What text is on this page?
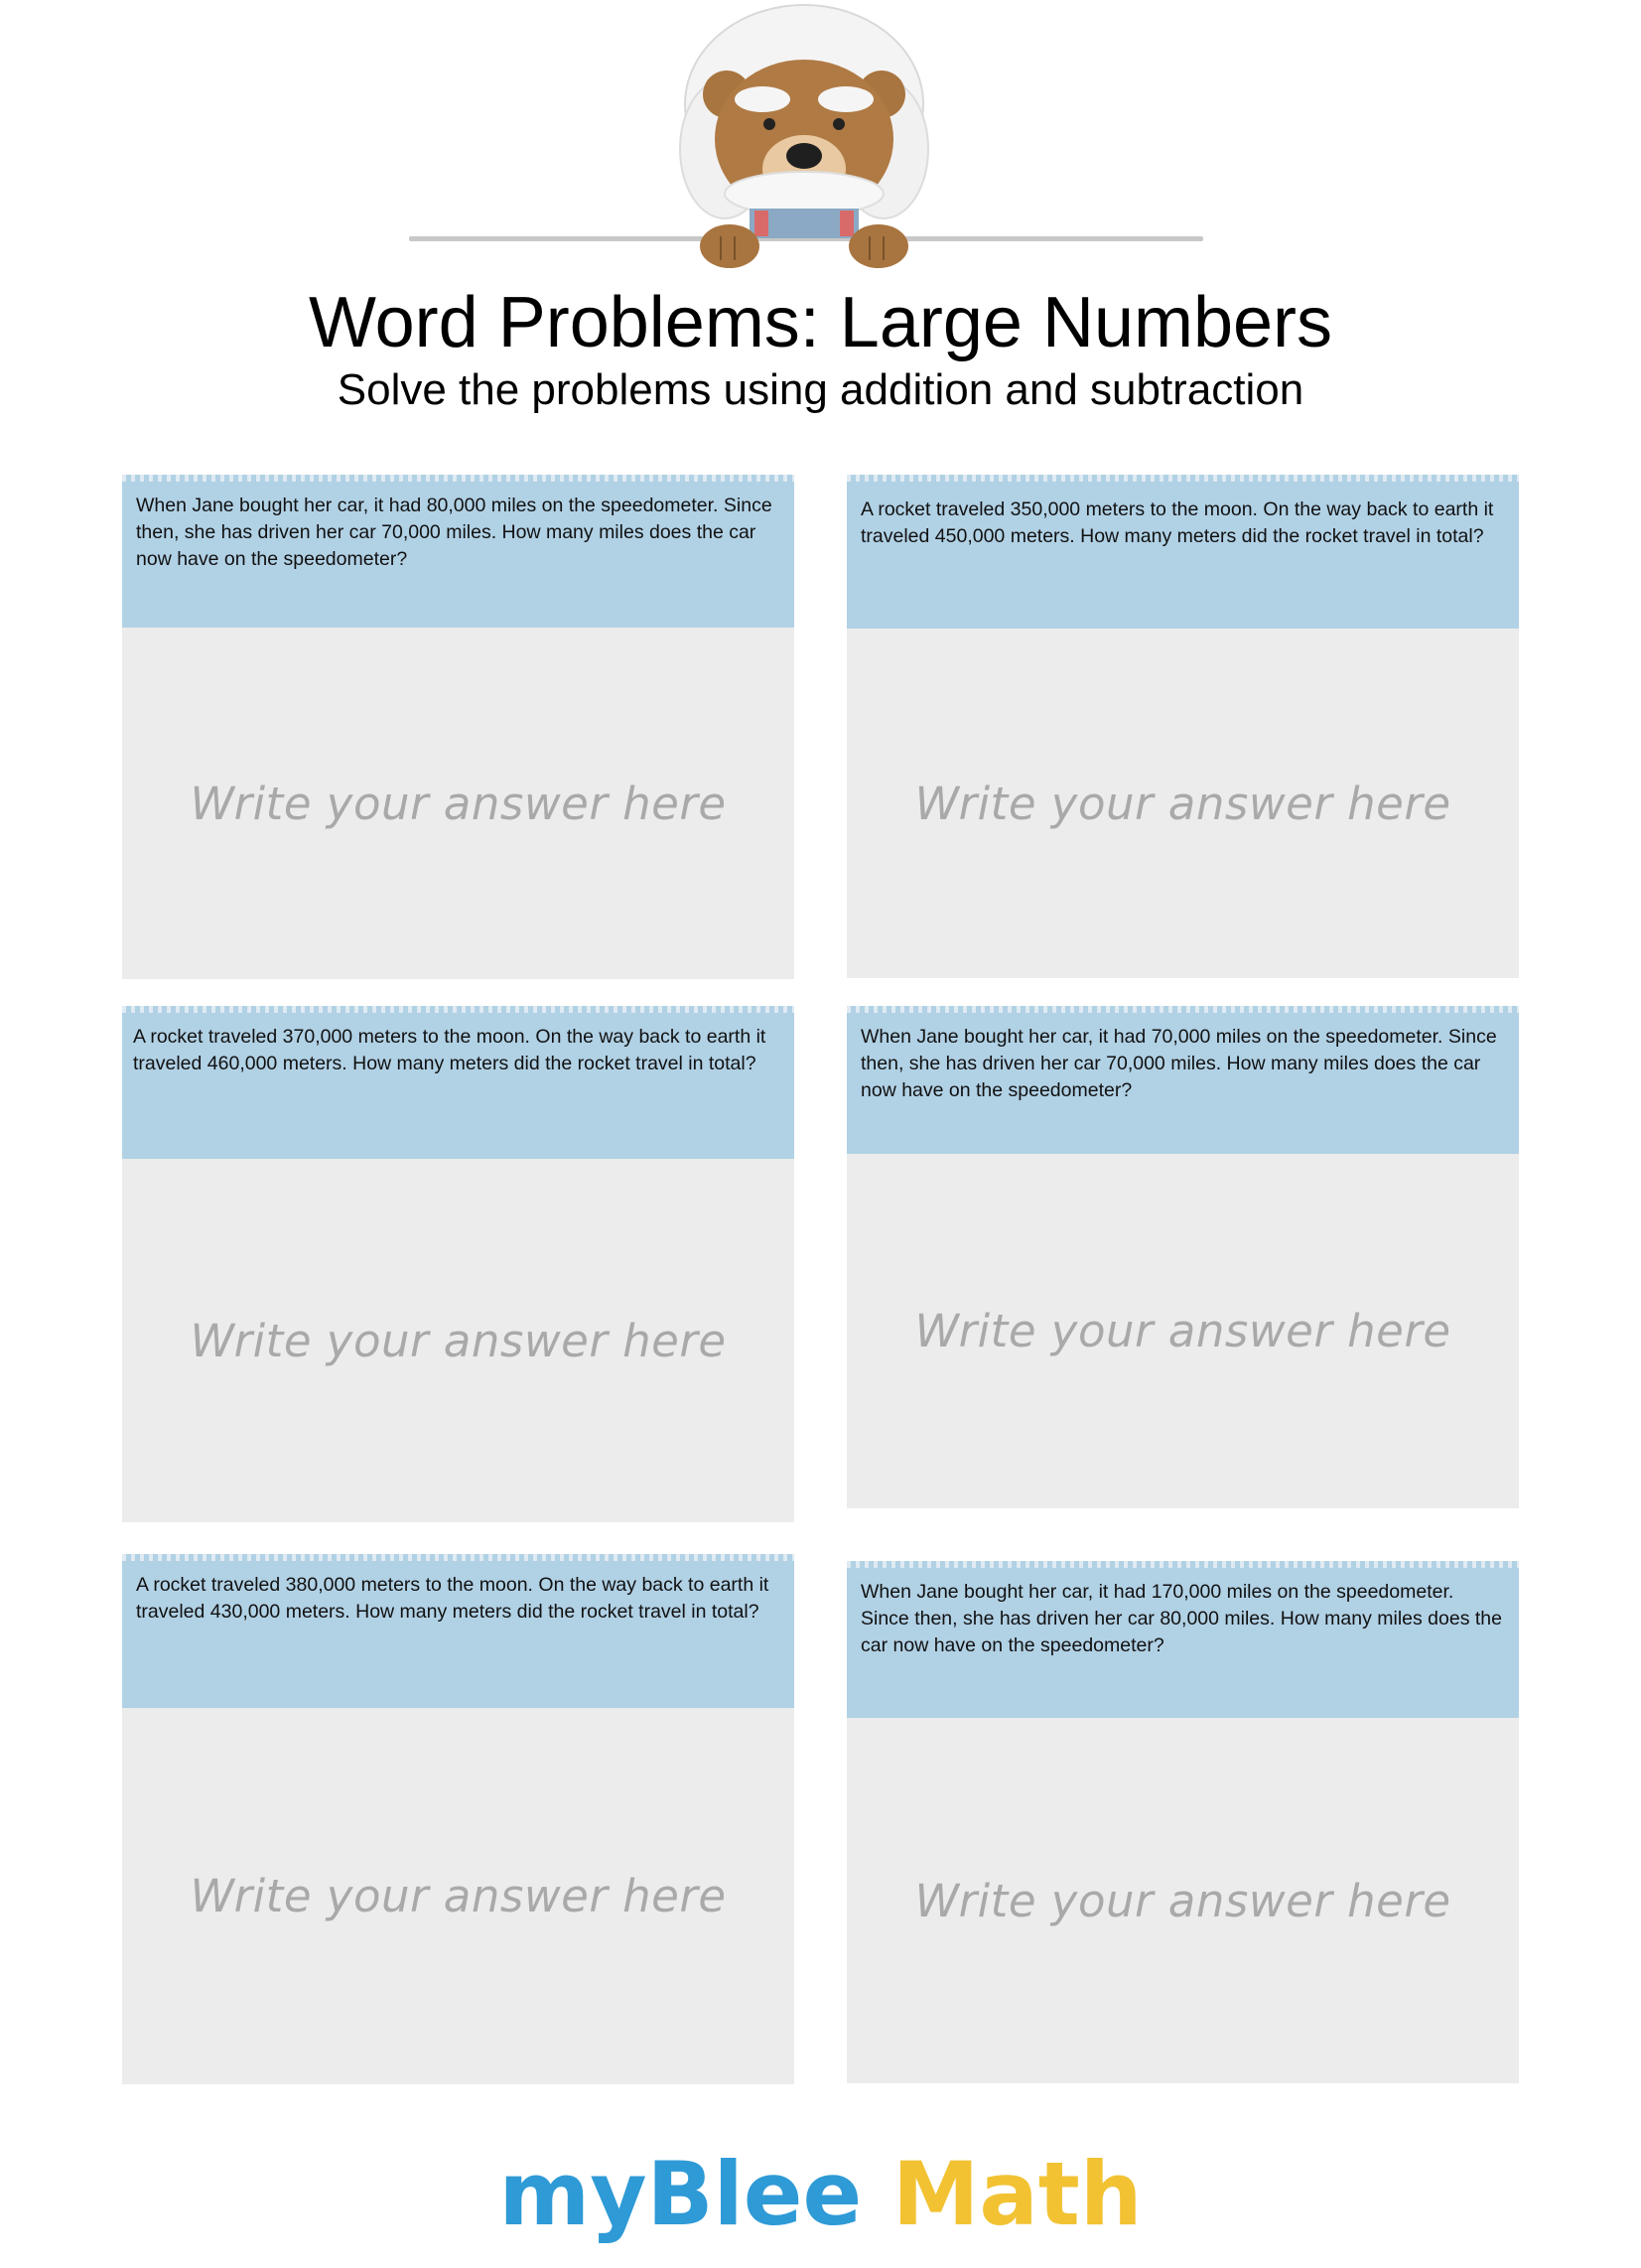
Word Problems: Large Numbers
Solve the problems using addition and subtraction
When Jane bought her car, it had 80,000 miles on the speedometer. Since then, she has driven her car 70,000 miles. How many miles does the car now have on the speedometer?
Write your answer here
A rocket traveled 350,000 meters to the moon. On the way back to earth it traveled 450,000 meters. How many meters did the rocket travel in total?
Write your answer here
A rocket traveled 370,000 meters to the moon. On the way back to earth it traveled 460,000 meters. How many meters did the rocket travel in total?
Write your answer here
When Jane bought her car, it had 70,000 miles on the speedometer. Since then, she has driven her car 70,000 miles. How many miles does the car now have on the speedometer?
Write your answer here
A rocket traveled 380,000 meters to the moon. On the way back to earth it traveled 430,000 meters. How many meters did the rocket travel in total?
Write your answer here
When Jane bought her car, it had 170,000 miles on the speedometer. Since then, she has driven her car 80,000 miles. How many miles does the car now have on the speedometer?
Write your answer here
myBlee Math
